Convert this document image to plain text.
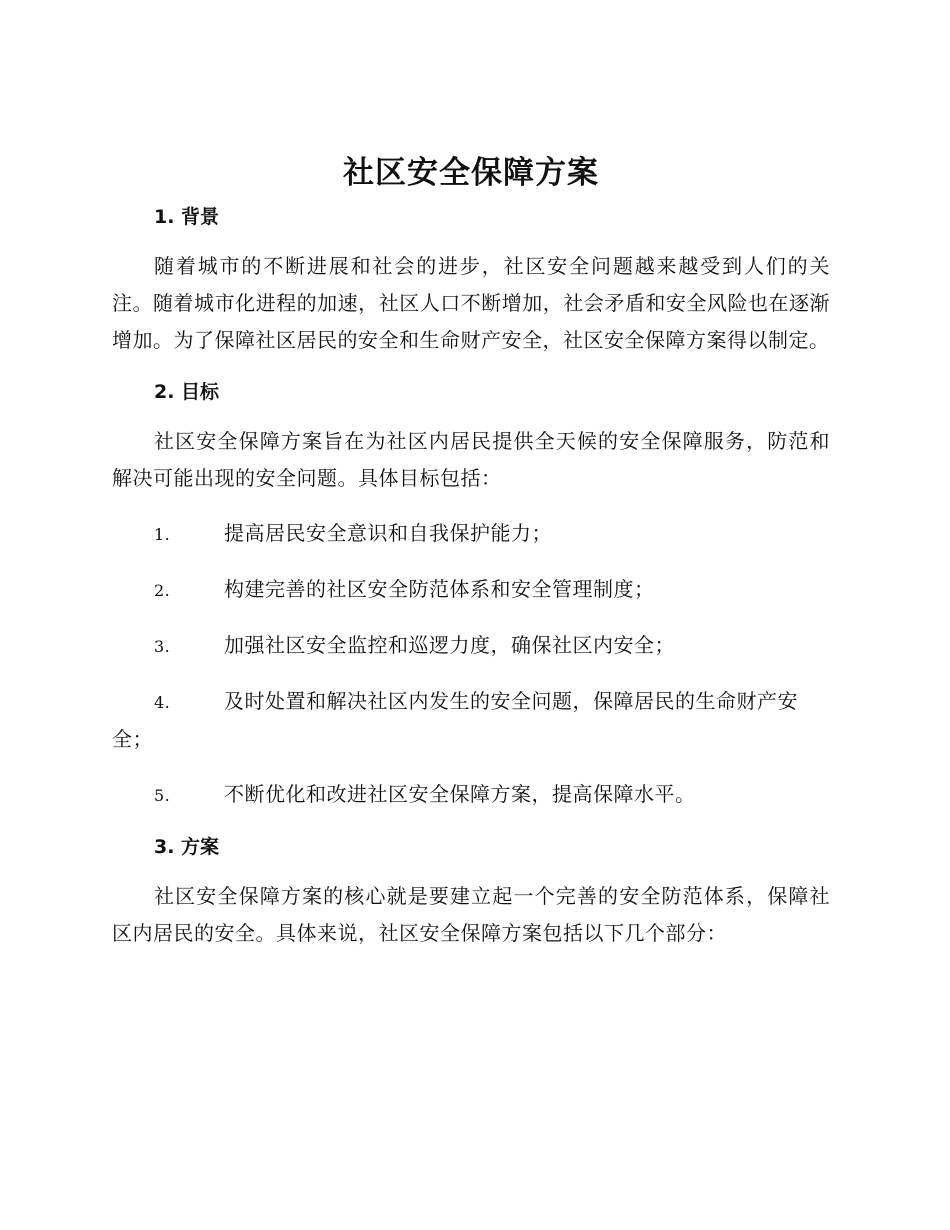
社区安全保障方案
1. 背景

随着城市的不断进展和社会的进步，社区安全问题越来越受到人们的关注。随着城市化进程的加速，社区人口不断增加，社会矛盾和安全风险也在逐渐增加。为了保障社区居民的安全和生命财产安全，社区安全保障方案得以制定。

2. 目标

社区安全保障方案旨在为社区内居民提供全天候的安全保障服务，防范和解决可能出现的安全问题。具体目标包括：

1.	提高居民安全意识和自我保护能力；
2.	构建完善的社区安全防范体系和安全管理制度；
3.	加强社区安全监控和巡逻力度，确保社区内安全；
4.	及时处置和解决社区内发生的安全问题，保障居民的生命财产安全；
5.	不断优化和改进社区安全保障方案，提高保障水平。
3. 方案

社区安全保障方案的核心就是要建立起一个完善的安全防范体系，保障社区内居民的安全。具体来说，社区安全保障方案包括以下几个部分：
